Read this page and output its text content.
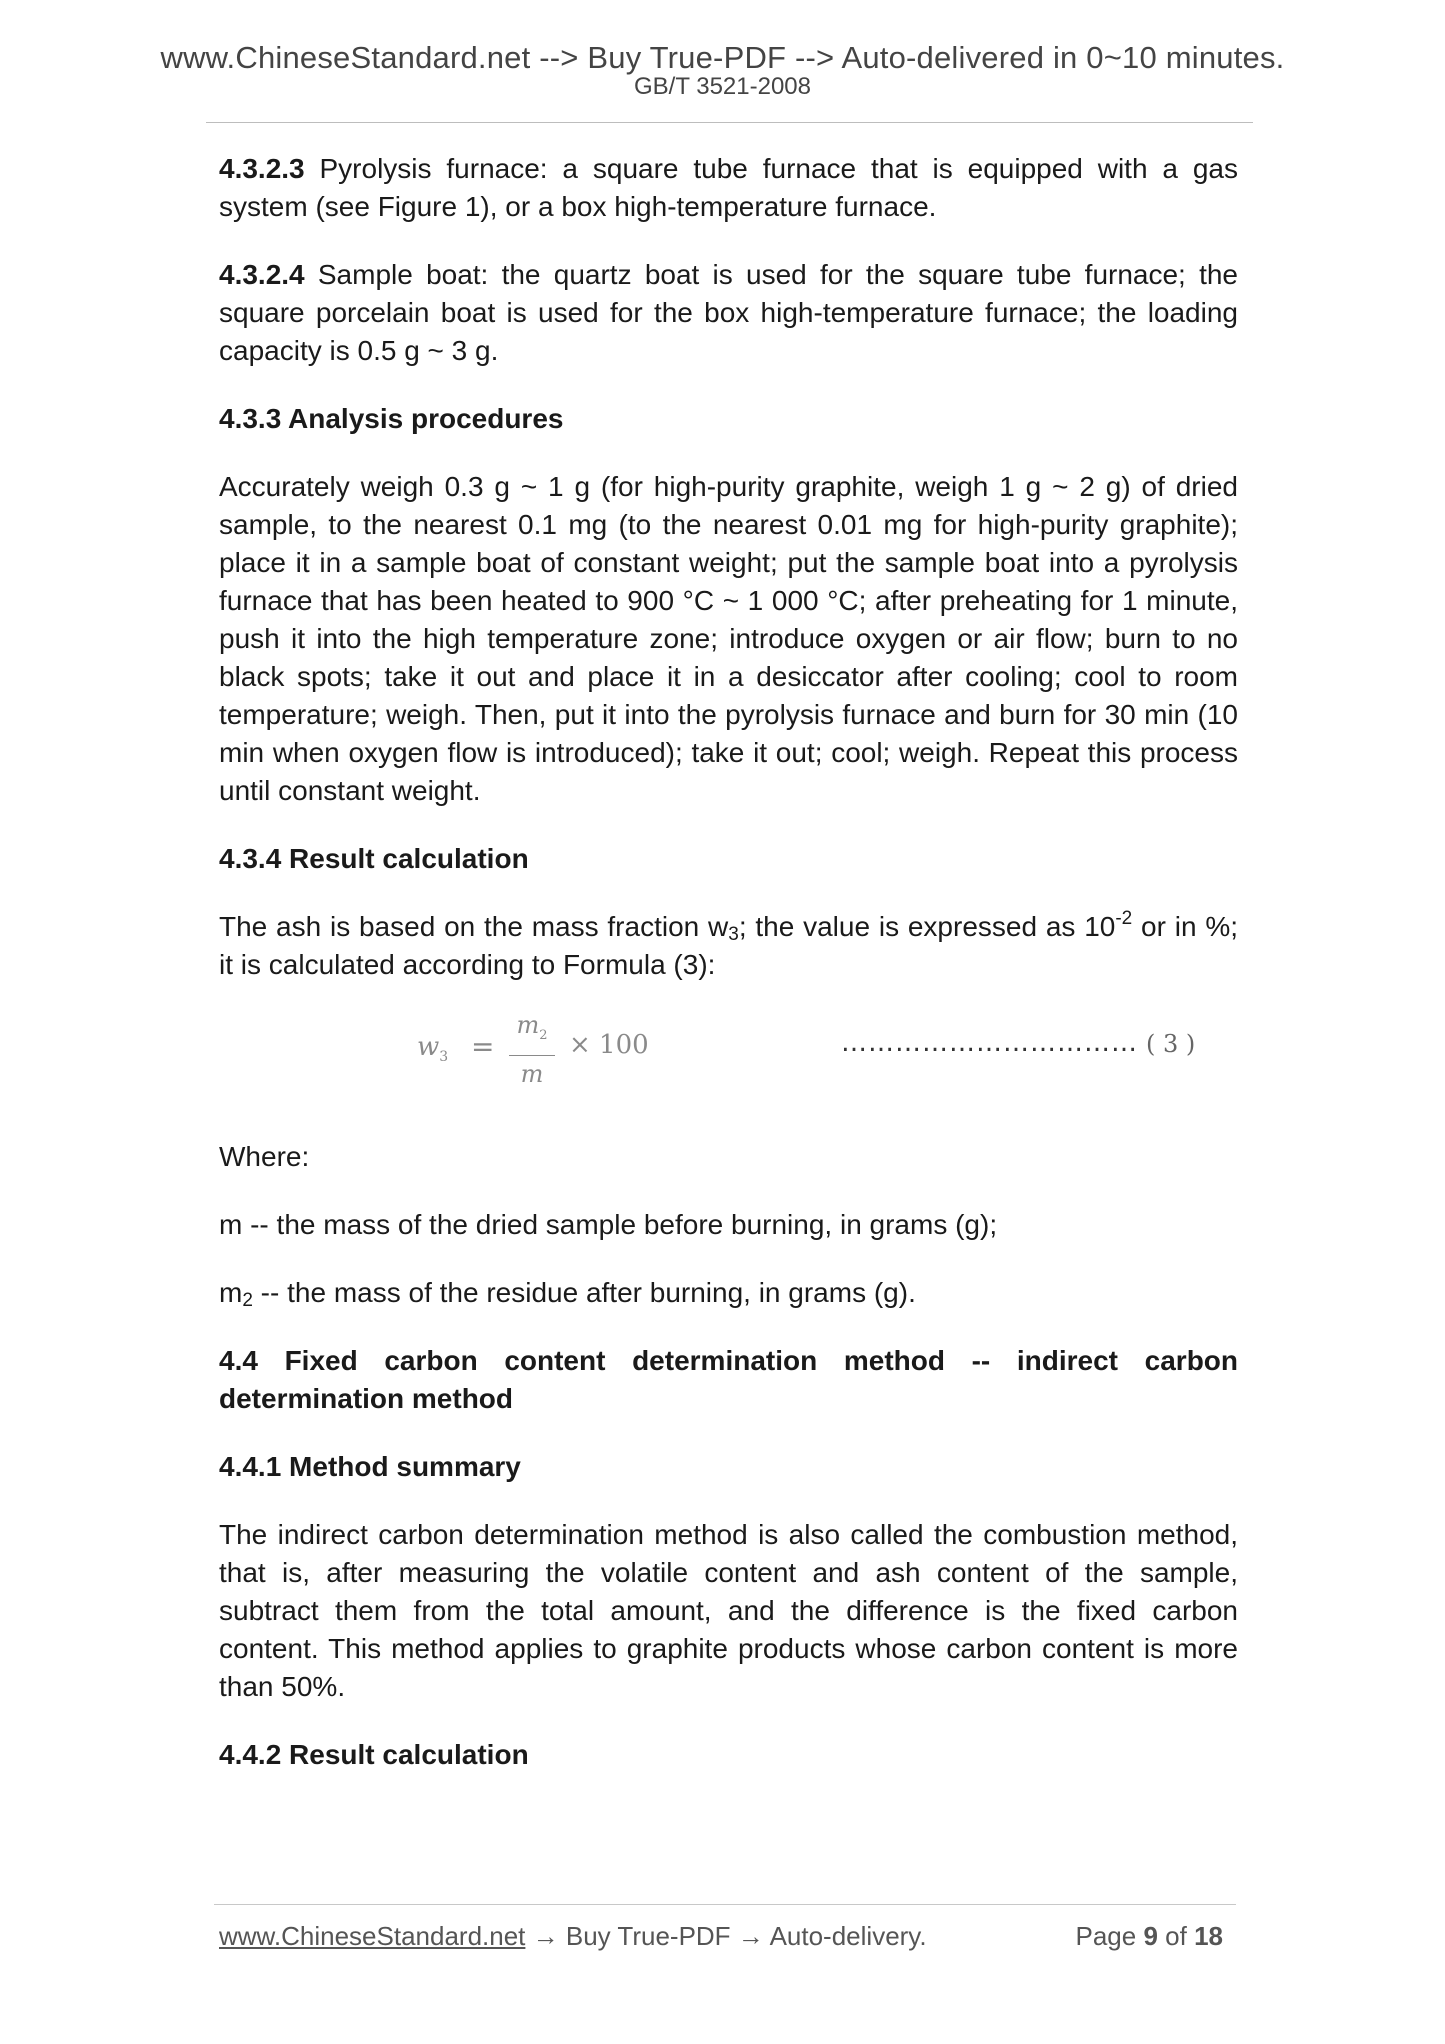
www.ChineseStandard.net --> Buy True-PDF --> Auto-delivered in 0~10 minutes.
GB/T 3521-2008

4.3.2.3 Pyrolysis furnace: a square tube furnace that is equipped with a gas system (see Figure 1), or a box high-temperature furnace.

4.3.2.4 Sample boat: the quartz boat is used for the square tube furnace; the square porcelain boat is used for the box high-temperature furnace; the loading capacity is 0.5 g ~ 3 g.

4.3.3 Analysis procedures

Accurately weigh 0.3 g ~ 1 g (for high-purity graphite, weigh 1 g ~ 2 g) of dried sample, to the nearest 0.1 mg (to the nearest 0.01 mg for high-purity graphite); place it in a sample boat of constant weight; put the sample boat into a pyrolysis furnace that has been heated to 900 °C ~ 1 000 °C; after preheating for 1 minute, push it into the high temperature zone; introduce oxygen or air flow; burn to no black spots; take it out and place it in a desiccator after cooling; cool to room temperature; weigh. Then, put it into the pyrolysis furnace and burn for 30 min (10 min when oxygen flow is introduced); take it out; cool; weigh. Repeat this process until constant weight.

4.3.4 Result calculation

The ash is based on the mass fraction $w_3$; the value is expressed as $10^{-2}$ or in %; it is calculated according to Formula (3):

$w_3$ =
$m_2$
m
× 100	…………………………… ( 3 )

Where:

m -- the mass of the dried sample before burning, in grams (g);

$m_2$ -- the mass of the residue after burning, in grams (g).

4.4 Fixed carbon content determination method -- indirect carbon determination method
4.4.1 Method summary

The indirect carbon determination method is also called the combustion method, that is, after measuring the volatile content and ash content of the sample, subtract them from the total amount, and the difference is the fixed carbon content. This method applies to graphite products whose carbon content is more than 50%.

4.4.2 Result calculation
www.ChineseStandard.net → Buy True-PDF → Auto-delivery.	Page 9 of 18
